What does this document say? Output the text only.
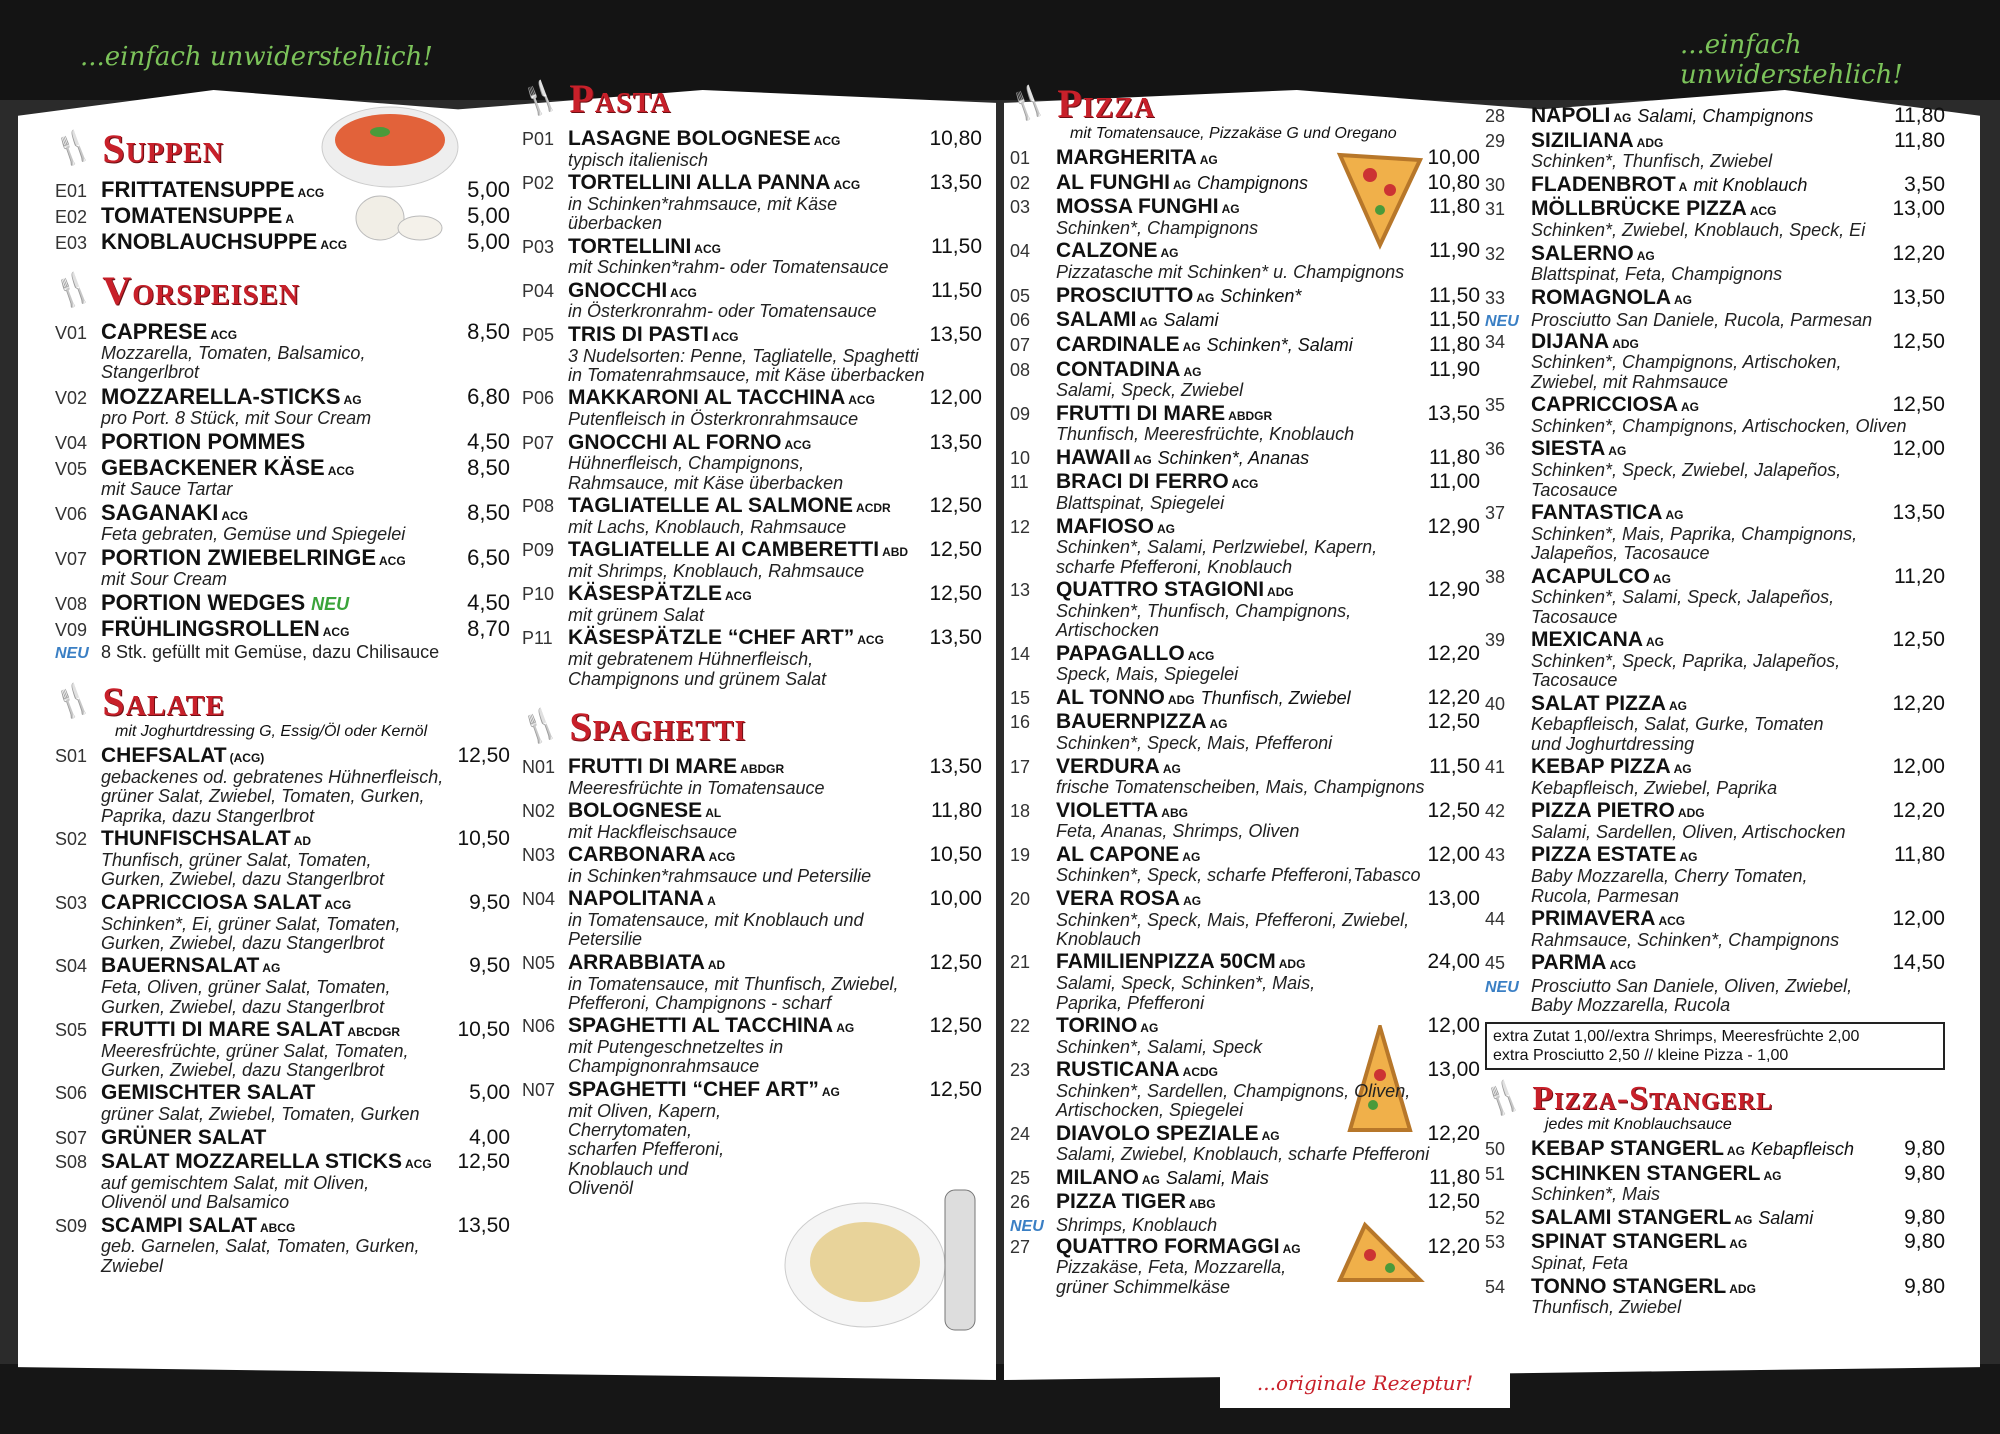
...einfach unwiderstehlich!	...einfach unwiderstehlich!
...originale Rezeptur!
🍴 Suppen
E01 FRITTATENSUPPE ACG	5,00
E02 TOMATENSUPPE A	5,00
E03 KNOBLAUCHSUPPE ACG	5,00
🍴 Vorspeisen
V01 CAPRESE ACG	8,50
Mozzarella, Tomaten, Balsamico,
Stangerlbrot
V02 MOZZARELLA-STICKS AG	6,80
pro Port. 8 Stück, mit Sour Cream
V04 PORTION POMMES	4,50
V05 GEBACKENER KÄSE ACG	8,50
mit Sauce Tartar
V06 SAGANAKI ACG	8,50
Feta gebraten, Gemüse und Spiegelei
V07 PORTION ZWIEBELRINGE ACG	6,50
mit Sour Cream
V08 PORTION WEDGES NEU	4,50
V09 FRÜHLINGSROLLEN ACG	8,70
NEU 8 Stk. gefüllt mit Gemüse, dazu Chilisauce
🍴 Salate
mit Joghurtdressing G, Essig/Öl oder Kernöl
S01 CHEFSALAT (ACG)	12,50
gebackenes od. gebratenes Hühnerfleisch,
grüner Salat, Zwiebel, Tomaten, Gurken,
Paprika, dazu Stangerlbrot
S02 THUNFISCHSALAT AD	10,50
Thunfisch, grüner Salat, Tomaten,
Gurken, Zwiebel, dazu Stangerlbrot
S03 CAPRICCIOSA SALAT ACG	9,50
Schinken*, Ei, grüner Salat, Tomaten,
Gurken, Zwiebel, dazu Stangerlbrot
S04 BAUERNSALAT AG	9,50
Feta, Oliven, grüner Salat, Tomaten,
Gurken, Zwiebel, dazu Stangerlbrot
S05 FRUTTI DI MARE SALAT ABCDGR	10,50
Meeresfrüchte, grüner Salat, Tomaten,
Gurken, Zwiebel, dazu Stangerlbrot
S06 GEMISCHTER SALAT	5,00
grüner Salat, Zwiebel, Tomaten, Gurken
S07 GRÜNER SALAT	4,00
S08 SALAT MOZZARELLA STICKS ACG	12,50
auf gemischtem Salat, mit Oliven,
Olivenöl und Balsamico
S09 SCAMPI SALAT ABCG	13,50
geb. Garnelen, Salat, Tomaten, Gurken,
Zwiebel
🍴 Pasta
P01 LASAGNE BOLOGNESE ACG	10,80
typisch italienisch
P02 TORTELLINI ALLA PANNA ACG	13,50
in Schinken*rahmsauce, mit Käse
überbacken
P03 TORTELLINI ACG	11,50
mit Schinken*rahm- oder Tomatensauce
P04 GNOCCHI ACG	11,50
in Österkronrahm- oder Tomatensauce
P05 TRIS DI PASTI ACG	13,50
3 Nudelsorten: Penne, Tagliatelle, Spaghetti
in Tomatenrahmsauce, mit Käse überbacken
P06 MAKKARONI AL TACCHINA ACG	12,00
Putenfleisch in Österkronrahmsauce
P07 GNOCCHI AL FORNO ACG	13,50
Hühnerfleisch, Champignons,
Rahmsauce, mit Käse überbacken
P08 TAGLIATELLE AL SALMONE ACDR	12,50
mit Lachs, Knoblauch, Rahmsauce
P09 TAGLIATELLE AI CAMBERETTI ABD	12,50
mit Shrimps, Knoblauch, Rahmsauce
P10 KÄSESPÄTZLE ACG	12,50
mit grünem Salat
P11 KÄSESPÄTZLE “CHEF ART” ACG	13,50
mit gebratenem Hühnerfleisch,
Champignons und grünem Salat
🍴 Spaghetti
N01 FRUTTI DI MARE ABDGR	13,50
Meeresfrüchte in Tomatensauce
N02 BOLOGNESE AL	11,80
mit Hackfleischsauce
N03 CARBONARA ACG	10,50
in Schinken*rahmsauce und Petersilie
N04 NAPOLITANA A	10,00
in Tomatensauce, mit Knoblauch und
Petersilie
N05 ARRABBIATA AD	12,50
in Tomatensauce, mit Thunfisch, Zwiebel,
Pfefferoni, Champignons - scharf
N06 SPAGHETTI AL TACCHINA AG	12,50
mit Putengeschnetzeltes in
Champignonrahmsauce
N07 SPAGHETTI “CHEF ART” AG	12,50
mit Oliven, Kapern,
Cherrytomaten,
scharfen Pfefferoni,
Knoblauch und
Olivenöl
🍴 Pizza
mit Tomatensauce, Pizzakäse G und Oregano
01	MARGHERITA AG	10,00
02	AL FUNGHI AG Champignons	10,80
03	MOSSA FUNGHI AG	11,80
Schinken*, Champignons
04	CALZONE AG	11,90
Pizzatasche mit Schinken* u. Champignons
05	PROSCIUTTO AG Schinken*	11,50
06	SALAMI AG Salami	11,50
07	CARDINALE AG Schinken*, Salami	11,80
08	CONTADINA AG	11,90
Salami, Speck, Zwiebel
09	FRUTTI DI MARE ABDGR	13,50
Thunfisch, Meeresfrüchte, Knoblauch
10	HAWAII AG Schinken*, Ananas	11,80
11	BRACI DI FERRO ACG	11,00
Blattspinat, Spiegelei
12	MAFIOSO AG	12,90
Schinken*, Salami, Perlzwiebel, Kapern,
scharfe Pfefferoni, Knoblauch
13	QUATTRO STAGIONI ADG	12,90
Schinken*, Thunfisch, Champignons,
Artischocken
14	PAPAGALLO ACG	12,20
Speck, Mais, Spiegelei
15	AL TONNO ADG Thunfisch, Zwiebel	12,20
16	BAUERNPIZZA AG	12,50
Schinken*, Speck, Mais, Pfefferoni
17	VERDURA AG	11,50
frische Tomatenscheiben, Mais, Champignons
18	VIOLETTA ABG	12,50
Feta, Ananas, Shrimps, Oliven
19	AL CAPONE AG	12,00
Schinken*, Speck, scharfe Pfefferoni,Tabasco
20	VERA ROSA AG	13,00
Schinken*, Speck, Mais, Pfefferoni, Zwiebel,
Knoblauch
21	FAMILIENPIZZA 50CM ADG	24,00
Salami, Speck, Schinken*, Mais,
Paprika, Pfefferoni
22	TORINO AG	12,00
Schinken*, Salami, Speck
23	RUSTICANA ACDG	13,00
Schinken*, Sardellen, Champignons, Oliven,
Artischocken, Spiegelei
24	DIAVOLO SPEZIALE AG	12,20
Salami, Zwiebel, Knoblauch, scharfe Pfefferoni
25	MILANO AG Salami, Mais	11,80
26	PIZZA TIGER ABG	12,50
NEU Shrimps, Knoblauch
27	QUATTRO FORMAGGI AG	12,20
Pizzakäse, Feta, Mozzarella,
grüner Schimmelkäse
28	NAPOLI AG Salami, Champignons	11,80
29	SIZILIANA ADG	11,80
Schinken*, Thunfisch, Zwiebel
30	FLADENBROT A mit Knoblauch	3,50
31	MÖLLBRÜCKE PIZZA ACG	13,00
Schinken*, Zwiebel, Knoblauch, Speck, Ei
32	SALERNO AG	12,20
Blattspinat, Feta, Champignons
33	ROMAGNOLA AG	13,50
NEU Prosciutto San Daniele, Rucola, Parmesan
34	DIJANA ADG	12,50
Schinken*, Champignons, Artischoken,
Zwiebel, mit Rahmsauce
35	CAPRICCIOSA AG	12,50
Schinken*, Champignons, Artischocken, Oliven
36	SIESTA AG	12,00
Schinken*, Speck, Zwiebel, Jalapeños,
Tacosauce
37	FANTASTICA AG	13,50
Schinken*, Mais, Paprika, Champignons,
Jalapeños, Tacosauce
38	ACAPULCO AG	11,20
Schinken*, Salami, Speck, Jalapeños,
Tacosauce
39	MEXICANA AG	12,50
Schinken*, Speck, Paprika, Jalapeños,
Tacosauce
40	SALAT PIZZA AG	12,20
Kebapfleisch, Salat, Gurke, Tomaten
und Joghurtdressing
41	KEBAP PIZZA AG	12,00
Kebapfleisch, Zwiebel, Paprika
42	PIZZA PIETRO ADG	12,20
Salami, Sardellen, Oliven, Artischocken
43	PIZZA ESTATE AG	11,80
Baby Mozzarella, Cherry Tomaten,
Rucola, Parmesan
44	PRIMAVERA ACG	12,00
Rahmsauce, Schinken*, Champignons
45	PARMA ACG	14,50
NEU Prosciutto San Daniele, Oliven, Zwiebel,
Baby Mozzarella, Rucola
extra Zutat 1,00//extra Shrimps, Meeresfrüchte 2,00
extra Prosciutto 2,50 // kleine Pizza - 1,00
🍴 Pizza-Stangerl
jedes mit Knoblauchsauce
50	KEBAP STANGERL AG Kebapfleisch	9,80
51	SCHINKEN STANGERL AG	9,80
Schinken*, Mais
52	SALAMI STANGERL AG Salami	9,80
53	SPINAT STANGERL AG	9,80
Spinat, Feta
54	TONNO STANGERL ADG	9,80
Thunfisch, Zwiebel
